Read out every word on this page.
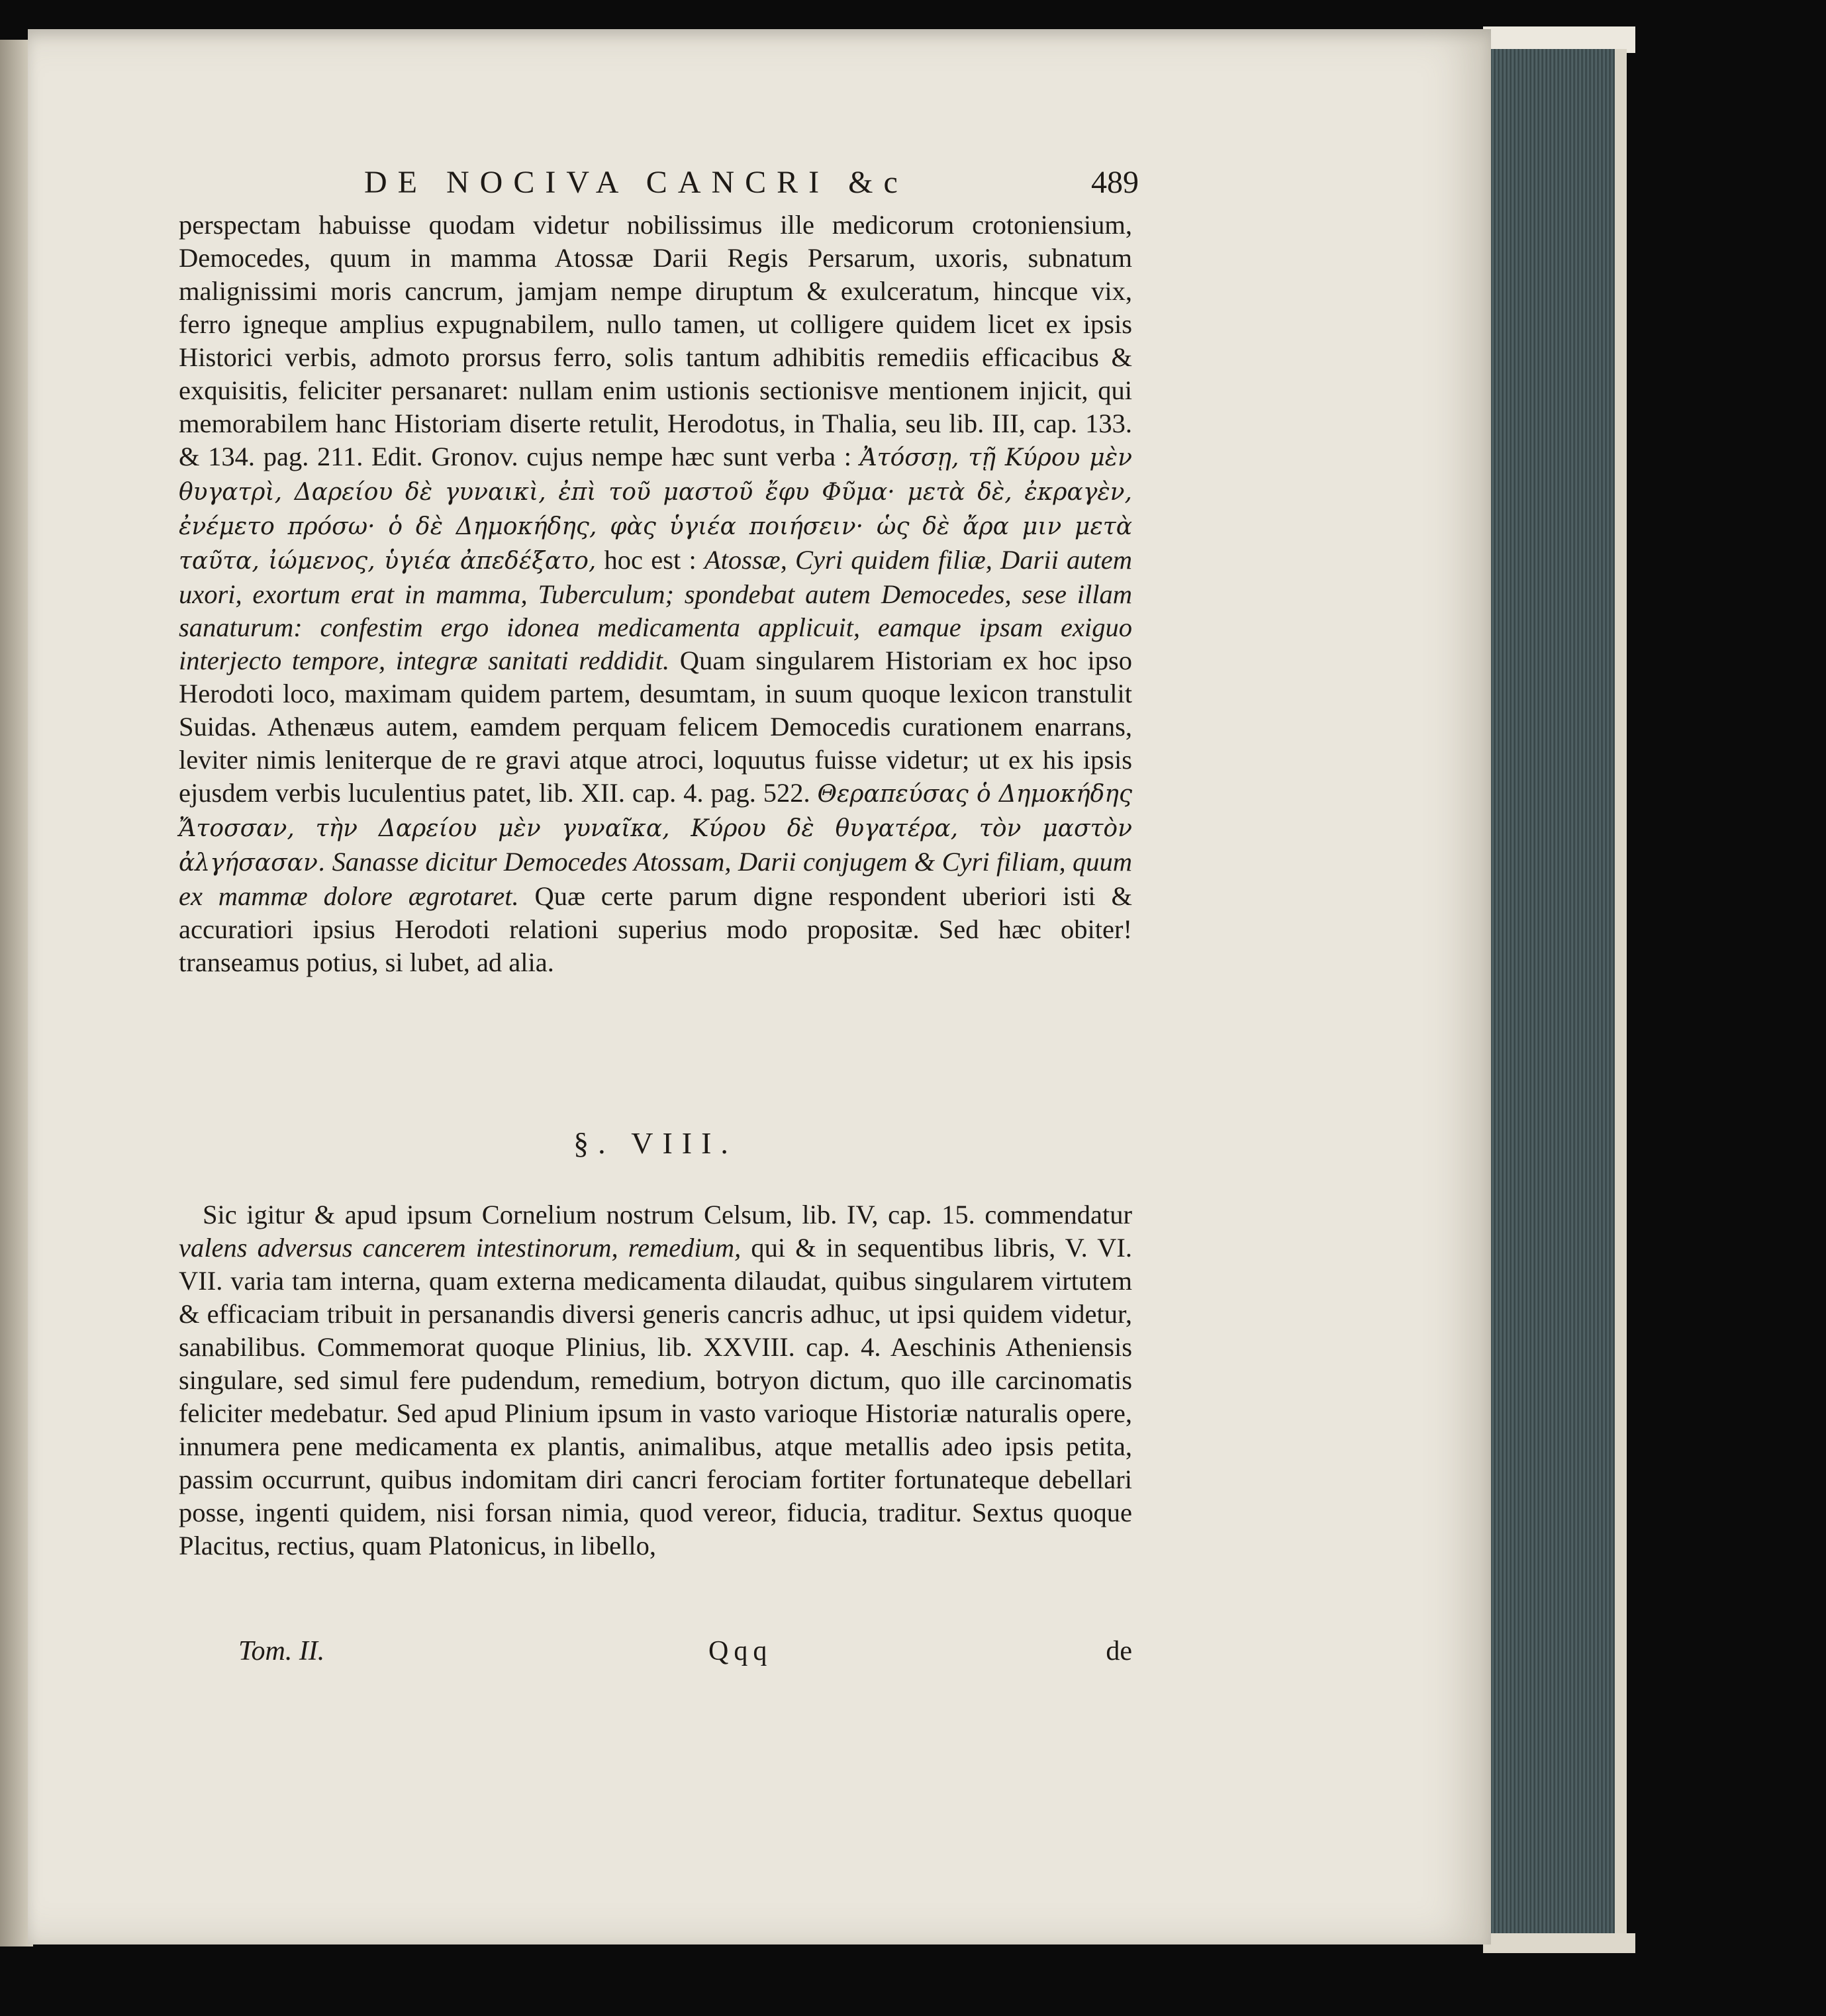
DE NOCIVA CANCRI &c	489

perspectam habuisse quodam videtur nobilissimus ille medicorum crotoniensium, Democedes, quum in mamma Atossæ Darii Regis Persarum, uxoris, subnatum malignissimi moris cancrum, jamjam nempe diruptum & exulceratum, hincque vix, ferro igneque amplius expugnabilem, nullo tamen, ut colligere quidem licet ex ipsis Historici verbis, admoto prorsus ferro, solis tantum adhibitis remediis efficacibus & exquisitis, feliciter persanaret: nullam enim ustionis sectionisve mentionem injicit, qui memorabilem hanc Historiam diserte retulit, Herodotus, in Thalia, seu lib. III, cap. 133. & 134. pag. 211. Edit. Gronov. cujus nempe hæc sunt verba : Ἀτόσσῃ, τῇ Κύρου μὲν θυγατρὶ, Δαρείου δὲ γυναικὶ, ἐπὶ τοῦ μαστοῦ ἔφυ Φῦμα· μετὰ δὲ, ἐκραγὲν, ἐνέμετο πρόσω· ὁ δὲ Δημοκήδης, φὰς ὑγιέα ποιήσειν· ὡς δὲ ἄρα μιν μετὰ ταῦτα, ἰώμενος, ὑγιέα ἀπεδέξατο, hoc est : Atossæ, Cyri quidem filiæ, Darii autem uxori, exortum erat in mamma, Tuberculum; spondebat autem Democedes, sese illam sanaturum: confestim ergo idonea medicamenta applicuit, eamque ipsam exiguo interjecto tempore, integræ sanitati reddidit. Quam singularem Historiam ex hoc ipso Herodoti loco, maximam quidem partem, desumtam, in suum quoque lexicon transtulit Suidas. Athenæus autem, eamdem perquam felicem Democedis curationem enarrans, leviter nimis leniterque de re gravi atque atroci, loquutus fuisse videtur; ut ex his ipsis ejusdem verbis luculentius patet, lib. XII. cap. 4. pag. 522. Θεραπεύσας ὁ Δημοκήδης Ἄτοσσαν, τὴν Δαρείου μὲν γυναῖκα, Κύρου δὲ θυγατέρα, τὸν μαστὸν ἀλγήσασαν. Sanasse dicitur Democedes Atossam, Darii conjugem & Cyri filiam, quum ex mammæ dolore ægrotaret. Quæ certe parum digne respondent uberiori isti & accuratiori ipsius Herodoti relationi superius modo propositæ. Sed hæc obiter! transeamus potius, si lubet, ad alia.

§. VIII.

Sic igitur & apud ipsum Cornelium nostrum Celsum, lib. IV, cap. 15. commendatur valens adversus cancerem intestinorum, remedium, qui & in sequentibus libris, V. VI. VII. varia tam interna, quam externa medicamenta dilaudat, quibus singularem virtutem & efficaciam tribuit in persanandis diversi generis cancris adhuc, ut ipsi quidem videtur, sanabilibus. Commemorat quoque Plinius, lib. XXVIII. cap. 4. Aeschinis Atheniensis singulare, sed simul fere pudendum, remedium, botryon dictum, quo ille carcinomatis feliciter medebatur. Sed apud Plinium ipsum in vasto varioque Historiæ naturalis opere, innumera pene medicamenta ex plantis, animalibus, atque metallis adeo ipsis petita, passim occurrunt, quibus indomitam diri cancri ferociam fortiter fortunateque debellari posse, ingenti quidem, nisi forsan nimia, quod vereor, fiducia, traditur. Sextus quoque Placitus, rectius, quam Platonicus, in libello,

Tom. II.	Qqq	de
